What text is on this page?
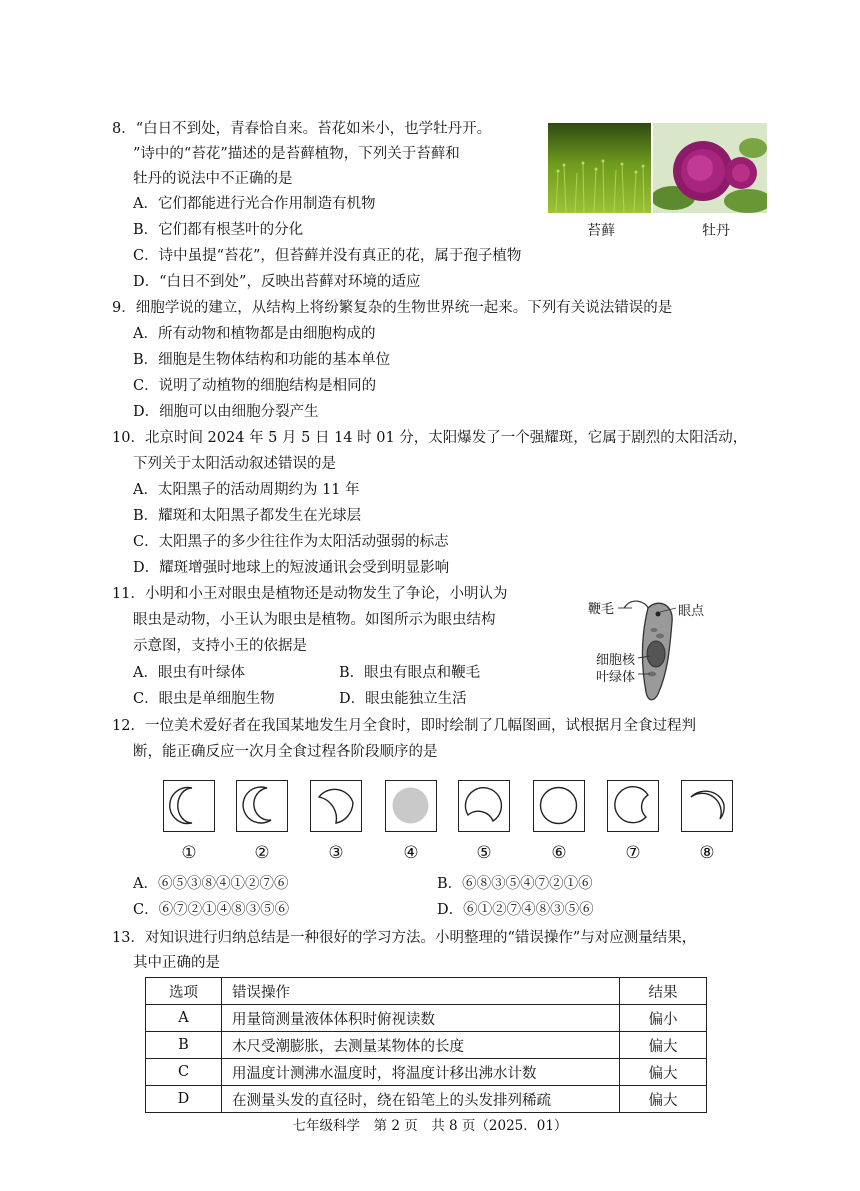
8．“白日不到处，青春恰自来。苔花如米小，也学牡丹开。
”诗中的“苔花”描述的是苔藓植物，下列关于苔藓和
牡丹的说法中不正确的是
A．它们都能进行光合作用制造有机物
B．它们都有根茎叶的分化
C．诗中虽提“苔花”，但苔藓并没有真正的花，属于孢子植物
D．“白日不到处”，反映出苔藓对环境的适应
苔藓	牡丹
9．细胞学说的建立，从结构上将纷繁复杂的生物世界统一起来。下列有关说法错误的是
A．所有动物和植物都是由细胞构成的
B．细胞是生物体结构和功能的基本单位
C．说明了动植物的细胞结构是相同的
D．细胞可以由细胞分裂产生
10．北京时间 2024 年 5 月 5 日 14 时 01 分，太阳爆发了一个强耀斑，它属于剧烈的太阳活动，
下列关于太阳活动叙述错误的是
A．太阳黑子的活动周期约为 11 年
B．耀斑和太阳黑子都发生在光球层
C．太阳黑子的多少往往作为太阳活动强弱的标志
D．耀斑增强时地球上的短波通讯会受到明显影响
11．小明和小王对眼虫是植物还是动物发生了争论，小明认为
眼虫是动物，小王认为眼虫是植物。如图所示为眼虫结构
示意图，支持小王的依据是
A．眼虫有叶绿体	B．眼虫有眼点和鞭毛
C．眼虫是单细胞生物	D．眼虫能独立生活
鞭毛	眼点
细胞核
叶绿体
12．一位美术爱好者在我国某地发生月全食时，即时绘制了几幅图画，试根据月全食过程判
断，能正确反应一次月全食过程各阶段顺序的是
①	②	③	④	⑤	⑥	⑦	⑧
A．⑥⑤③⑧④①②⑦⑥	B．⑥⑧③⑤④⑦②①⑥
C．⑥⑦②①④⑧③⑤⑥	D．⑥①②⑦④⑧③⑤⑥
13．对知识进行归纳总结是一种很好的学习方法。小明整理的“错误操作”与对应测量结果，
其中正确的是
选项	错误操作	结果
A	用量筒测量液体体积时俯视读数	偏小
B	木尺受潮膨胀，去测量某物体的长度	偏大
C	用温度计测沸水温度时，将温度计移出沸水计数	偏大
D	在测量头发的直径时，绕在铅笔上的头发排列稀疏	偏大
七年级科学　第 2 页　共 8 页（2025．01）
